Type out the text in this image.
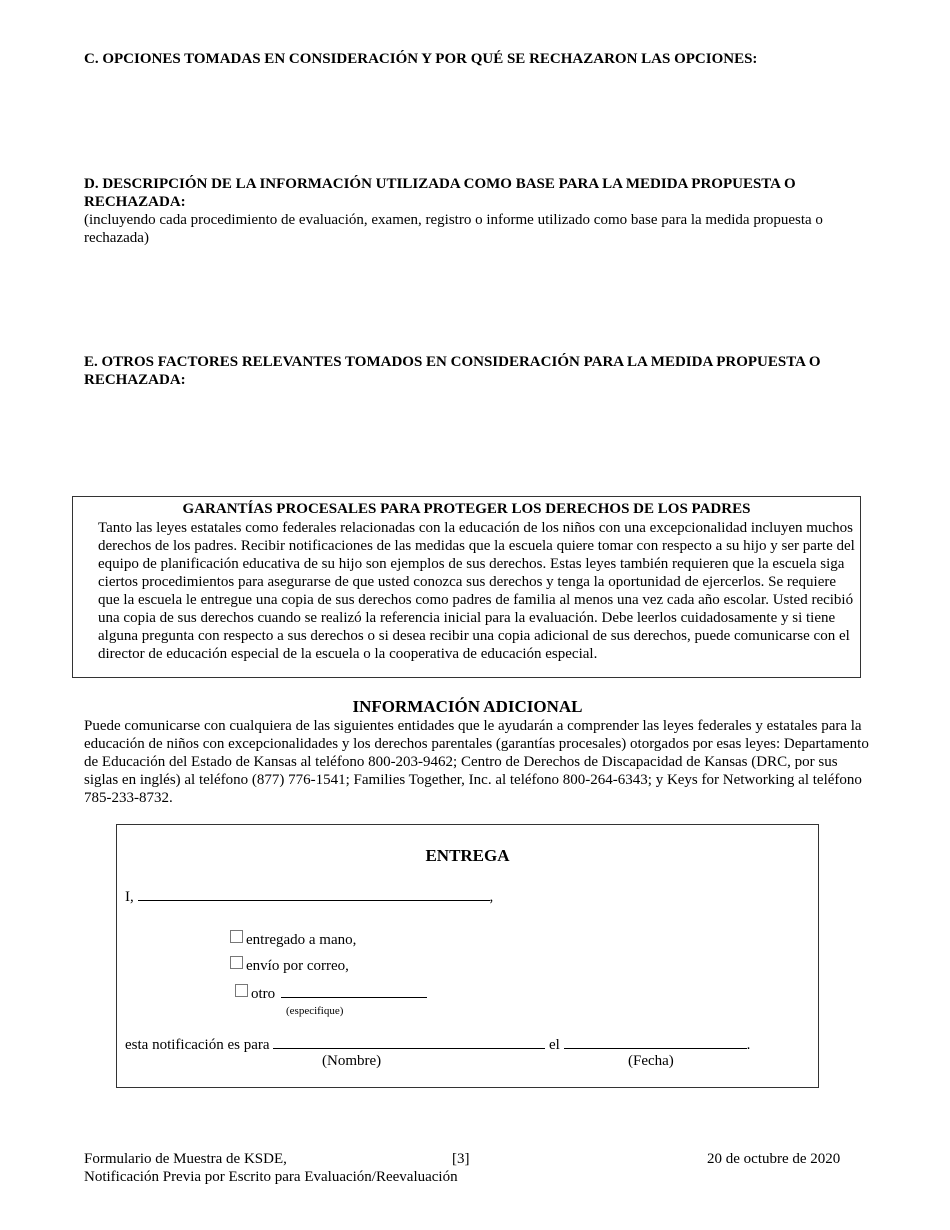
C. OPCIONES TOMADAS EN CONSIDERACIÓN Y POR QUÉ SE RECHAZARON LAS OPCIONES:
D. DESCRIPCIÓN DE LA INFORMACIÓN UTILIZADA COMO BASE PARA LA MEDIDA PROPUESTA O RECHAZADA:
(incluyendo cada procedimiento de evaluación, examen, registro o informe utilizado como base para la medida propuesta o rechazada)
E. OTROS FACTORES RELEVANTES TOMADOS EN CONSIDERACIÓN PARA LA MEDIDA PROPUESTA O RECHAZADA:
GARANTÍAS PROCESALES PARA PROTEGER LOS DERECHOS DE LOS PADRES
Tanto las leyes estatales como federales relacionadas con la educación de los niños con una excepcionalidad incluyen muchos derechos de los padres. Recibir notificaciones de las medidas que la escuela quiere tomar con respecto a su hijo y ser parte del equipo de planificación educativa de su hijo son ejemplos de sus derechos. Estas leyes también requieren que la escuela siga ciertos procedimientos para asegurarse de que usted conozca sus derechos y tenga la oportunidad de ejercerlos. Se requiere que la escuela le entregue una copia de sus derechos como padres de familia al menos una vez cada año escolar. Usted recibió una copia de sus derechos cuando se realizó la referencia inicial para la evaluación. Debe leerlos cuidadosamente y si tiene alguna pregunta con respecto a sus derechos o si desea recibir una copia adicional de sus derechos, puede comunicarse con el director de educación especial de la escuela o la cooperativa de educación especial.
INFORMACIÓN ADICIONAL
Puede comunicarse con cualquiera de las siguientes entidades que le ayudarán a comprender las leyes federales y estatales para la educación de niños con excepcionalidades y los derechos parentales (garantías procesales) otorgados por esas leyes: Departamento de Educación del Estado de Kansas al teléfono 800-203-9462; Centro de Derechos de Discapacidad de Kansas (DRC, por sus siglas en inglés) al teléfono (877) 776-1541; Families Together, Inc. al teléfono 800-264-6343; y Keys for Networking al teléfono 785-233-8732.
ENTREGA
I,	,
entregado a mano,
envío por correo,
otro
(especifique)
esta notificación es para	el	.
(Nombre)	(Fecha)
Formulario de Muestra de KSDE,
Notificación Previa por Escrito para Evaluación/Reevaluación
[3]	20 de octubre de 2020
